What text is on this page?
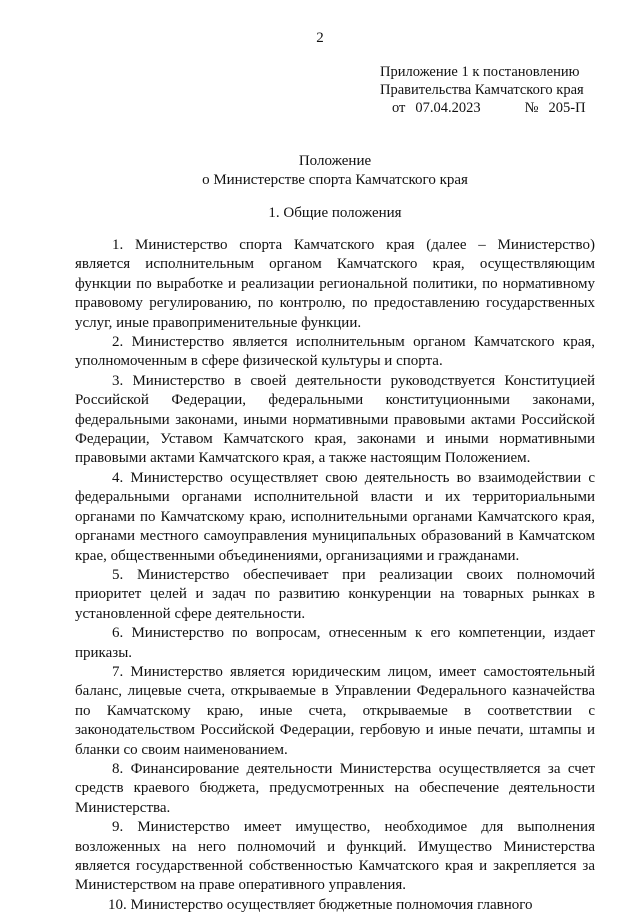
2
Приложение 1 к постановлению
Правительства Камчатского края
от 07.04.2023	№ 205-П
Положение
о Министерстве спорта Камчатского края
1. Общие положения

1. Министерство спорта Камчатского края (далее – Министерство) является исполнительным органом Камчатского края, осуществляющим функции по выработке и реализации региональной политики, по нормативному правовому регулированию, по контролю, по предоставлению государственных услуг, иные правоприменительные функции.

2. Министерство является исполнительным органом Камчатского края, уполномоченным в сфере физической культуры и спорта.

3. Министерство в своей деятельности руководствуется Конституцией Российской Федерации, федеральными конституционными законами, федеральными законами, иными нормативными правовыми актами Российской Федерации, Уставом Камчатского края, законами и иными нормативными правовыми актами Камчатского края, а также настоящим Положением.

4. Министерство осуществляет свою деятельность во взаимодействии с федеральными органами исполнительной власти и их территориальными органами по Камчатскому краю, исполнительными органами Камчатского края, органами местного самоуправления муниципальных образований в Камчатском крае, общественными объединениями, организациями и гражданами.

5. Министерство обеспечивает при реализации своих полномочий приоритет целей и задач по развитию конкуренции на товарных рынках в установленной сфере деятельности.

6. Министерство по вопросам, отнесенным к его компетенции, издает приказы.

7. Министерство является юридическим лицом, имеет самостоятельный баланс, лицевые счета, открываемые в Управлении Федерального казначейства по Камчатскому краю, иные счета, открываемые в соответствии с законодательством Российской Федерации, гербовую и иные печати, штампы и бланки со своим наименованием.

8. Финансирование деятельности Министерства осуществляется за счет средств краевого бюджета, предусмотренных на обеспечение деятельности Министерства.

9. Министерство имеет имущество, необходимое для выполнения возложенных на него полномочий и функций. Имущество Министерства является государственной собственностью Камчатского края и закрепляется за Министерством на праве оперативного управления.

10. Министерство осуществляет бюджетные полномочия главного
